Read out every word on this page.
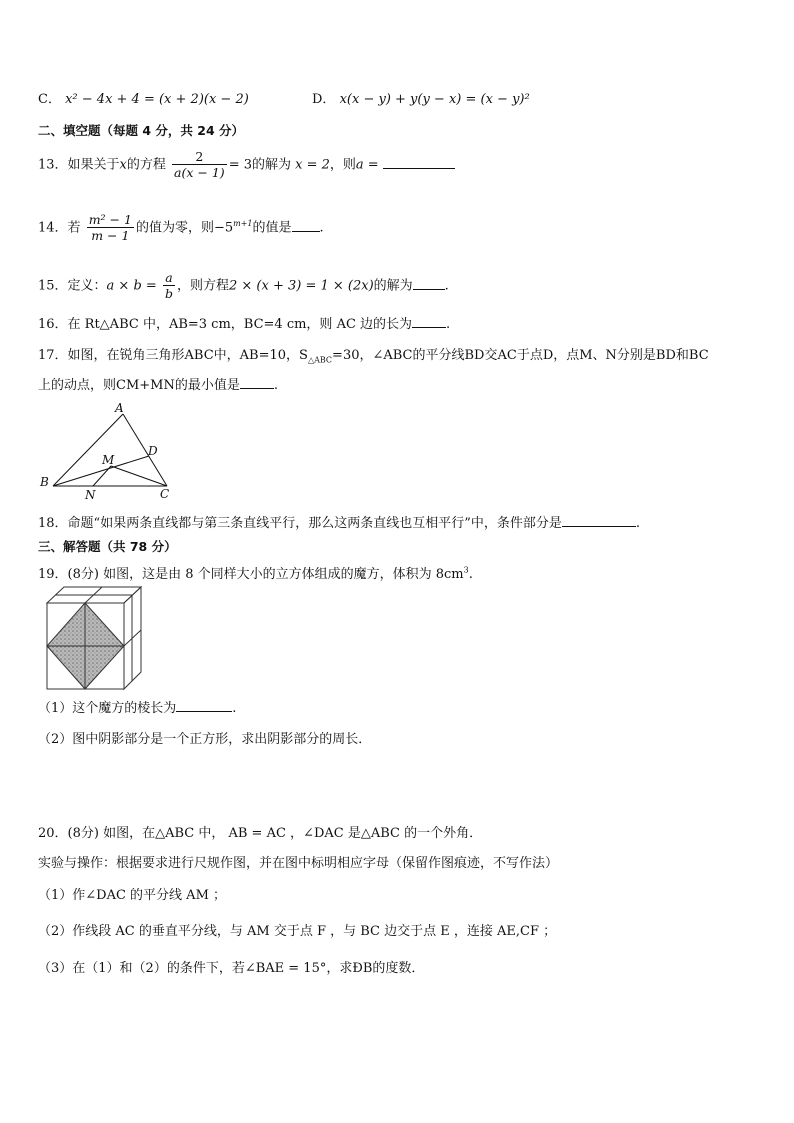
C． x² − 4x + 4 = (x + 2)(x − 2)	D． x(x − y) + y(y − x) = (x − y)²
二、填空题（每题 4 分，共 24 分）
13．如果关于x的方程 $\frac{2}{a(x - 1)} = 3$的解为 x = 2，则a =
14．若 $\frac{\text{m² − 1}}{m - 1}$ 的值为零，则$-5^{m+1}$的值是 .
15．定义：$a \times b = \frac{a}{b}$ ，则方程2 × (x + 3) = 1 × (2x)的解为 .
16．在 Rt△ABC 中，AB=3 cm，BC=4 cm，则 AC 边的长为	.
17．如图，在锐角三角形ABC中，AB=10，$S_{\triangle ABC}=30$，∠ABC的平分线BD交AC于点D，点M、N分别是BD和BC
上的动点，则CM+MN的最小值是	.
A
B
C
D
M
N
18．命题“如果两条直线都与第三条直线平行，那么这两条直线也互相平行”中，条件部分是	.
三、解答题（共 78 分）
19．(8分) 如图，这是由 8 个同样大小的立方体组成的魔方，体积为 $8cm^3$.
（1）这个魔方的棱长为	.
（2）图中阴影部分是一个正方形，求出阴影部分的周长．
20．(8分) 如图，在△ABC 中， AB = AC ，∠DAC 是△ABC 的一个外角．
实验与操作：根据要求进行尺规作图，并在图中标明相应字母（保留作图痕迹，不写作法）
（1）作∠DAC 的平分线 AM ；
（2）作线段 AC 的垂直平分线，与 AM 交于点 F ，与 BC 边交于点 E ，连接 AE,CF ；
（3）在（1）和（2）的条件下，若∠BAE = 15°，求ÐB的度数．
